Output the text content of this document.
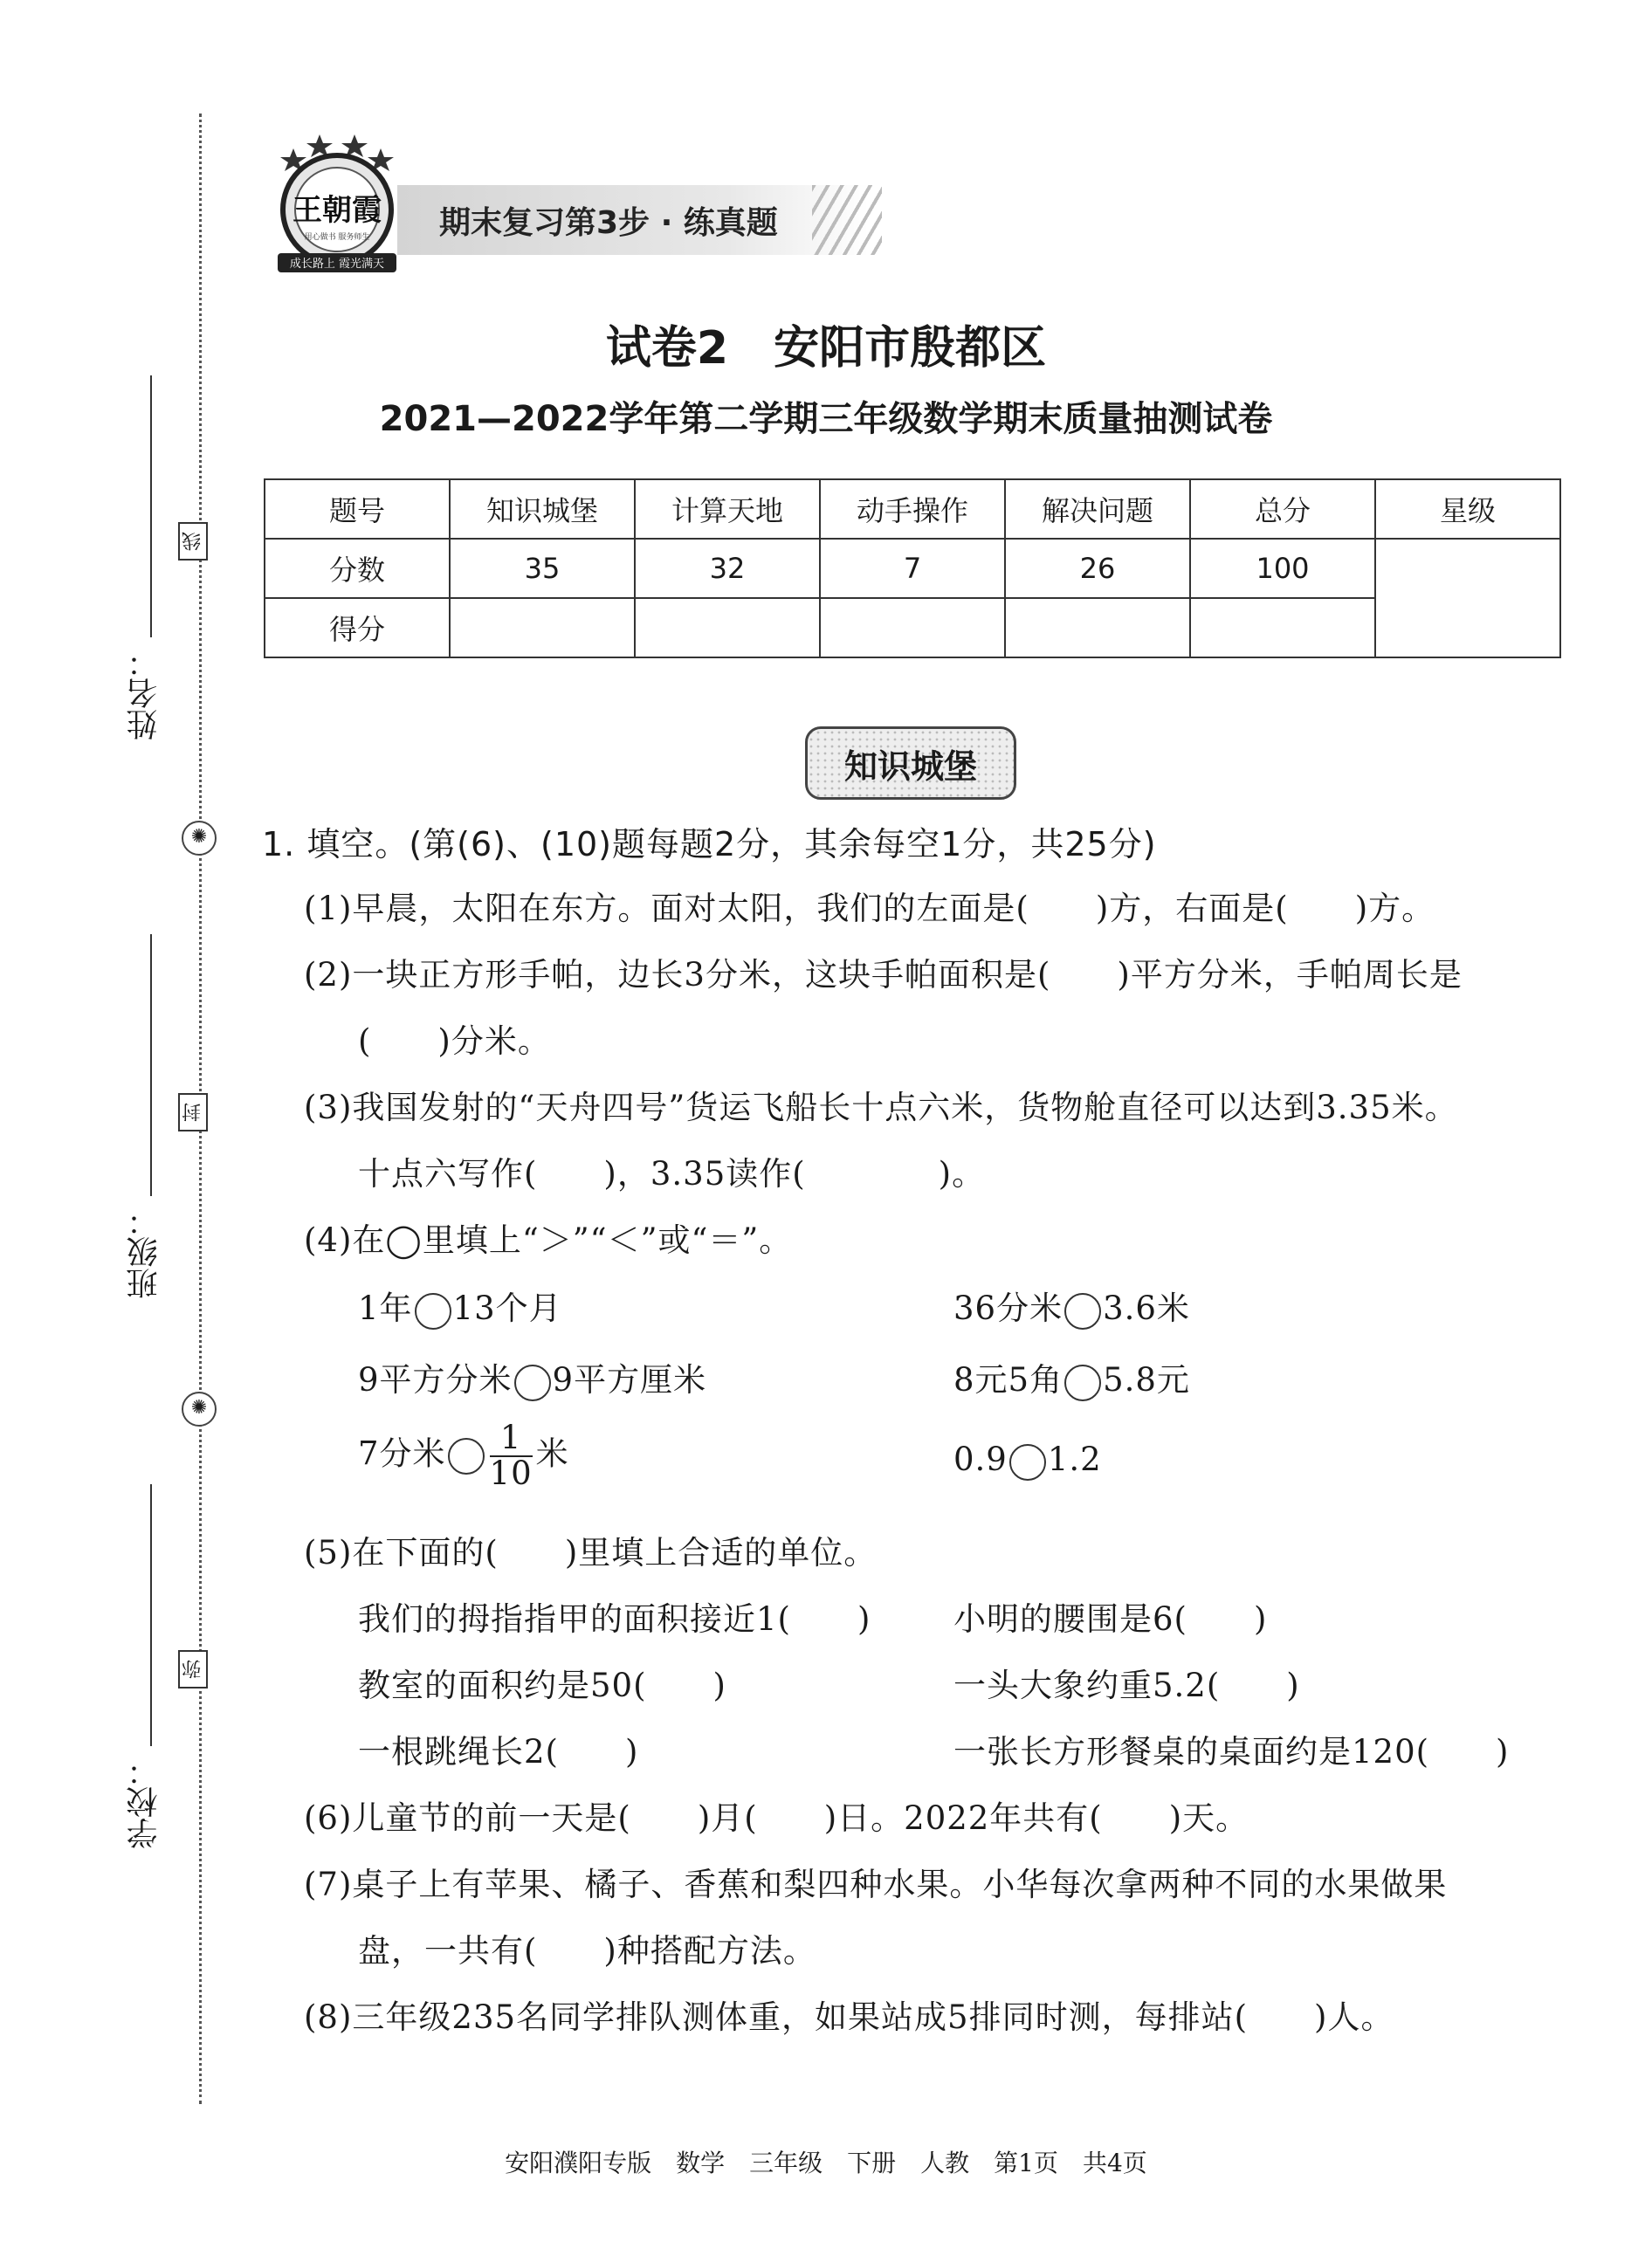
姓名：
线
✺
班级：
封
✺
学校：
弥
王朝霞
用心做书 服务师生
成长路上 霞光满天
期末复习第3步 · 练真题
试卷2　安阳市殷都区
2021—2022学年第二学期三年级数学期末质量抽测试卷
题号	知识城堡	计算天地	动手操作	解决问题	总分	星级
分数	35	32	7	26	100	
得分						
知识城堡
1. 填空。(第(6)、(10)题每题2分，其余每空1分，共25分)
(1)早晨，太阳在东方。面对太阳，我们的左面是(　　)方，右面是(　　)方。
(2)一块正方形手帕，边长3分米，这块手帕面积是(　　)平方分米，手帕周长是
(　　)分米。
(3)我国发射的“天舟四号”货运飞船长十点六米，货物舱直径可以达到3.35米。
十点六写作(　　)，3.35读作(　　　　)。
(4)在◯里填上“＞”“＜”或“＝”。
1年 13个月	36分米 3.6米
9平方分米 9平方厘米	8元5角 5.8元
7分米 $\frac{1}{10}$ 米	0.9 1.2
(5)在下面的(　　)里填上合适的单位。
我们的拇指指甲的面积接近1(　　)	小明的腰围是6(　　)
教室的面积约是50(　　)	一头大象约重5.2(　　)
一根跳绳长2(　　)	一张长方形餐桌的桌面约是120(　　)
(6)儿童节的前一天是(　　)月(　　)日。2022年共有(　　)天。
(7)桌子上有苹果、橘子、香蕉和梨四种水果。小华每次拿两种不同的水果做果
盘，一共有(　　)种搭配方法。
(8)三年级235名同学排队测体重，如果站成5排同时测，每排站(　　)人。
安阳濮阳专版　数学　三年级　下册　人教　第1页　共4页
